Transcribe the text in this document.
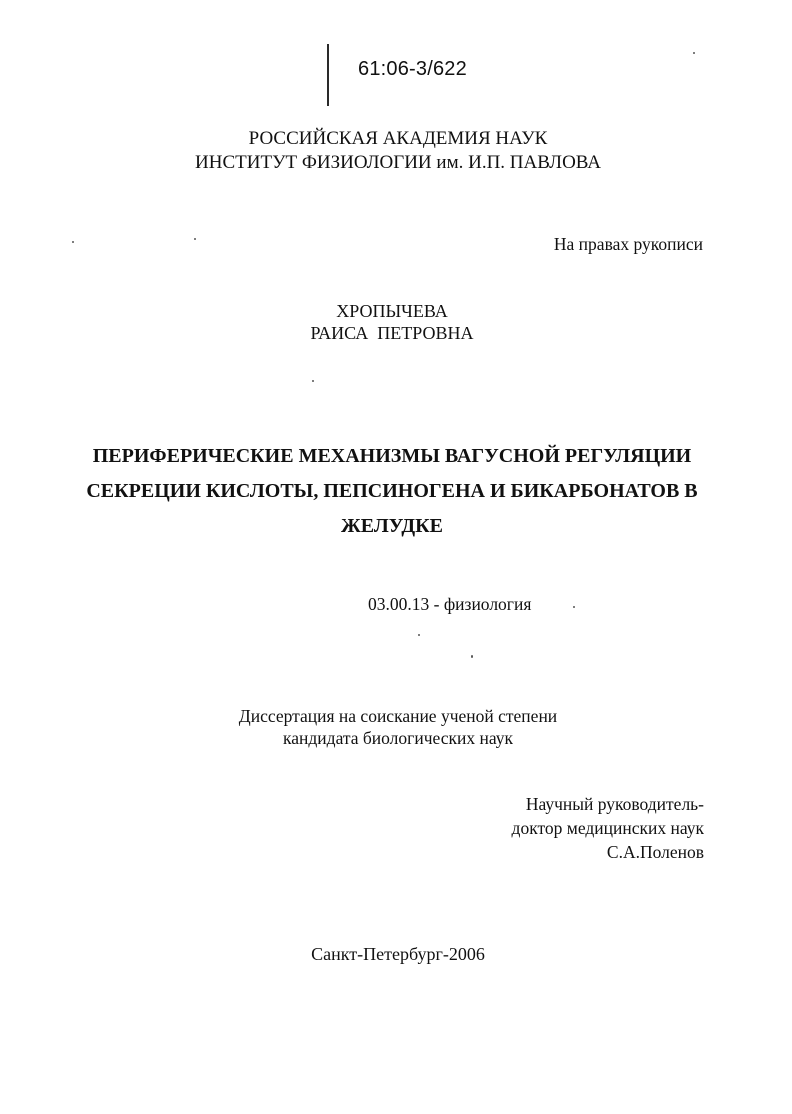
61:06-3/622
РОССИЙСКАЯ АКАДЕМИЯ НАУК
ИНСТИТУТ ФИЗИОЛОГИИ им. И.П. ПАВЛОВА
На правах рукописи
ХРОПЫЧЕВА
РАИСА  ПЕТРОВНА
ПЕРИФЕРИЧЕСКИЕ МЕХАНИЗМЫ ВАГУСНОЙ РЕГУЛЯЦИИ
СЕКРЕЦИИ КИСЛОТЫ, ПЕПСИНОГЕНА И БИКАРБОНАТОВ В
ЖЕЛУДКЕ
03.00.13 - физиология
Диссертация на соискание ученой степени
кандидата биологических наук
Научный руководитель-
доктор медицинских наук
С.А.Поленов
Санкт-Петербург-2006
